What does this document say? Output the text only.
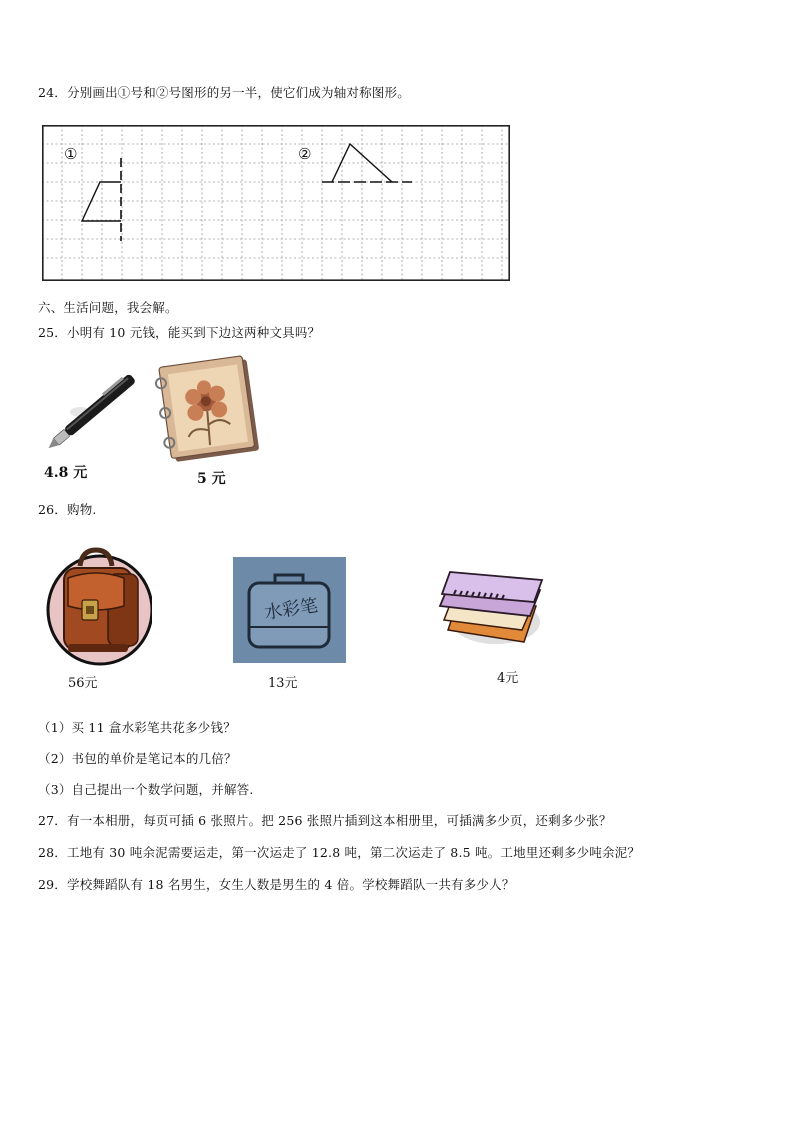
24．分别画出①号和②号图形的另一半，使它们成为轴对称图形。
①	②
六、生活问题，我会解。
25．小明有 10 元钱，能买到下边这两种文具吗？
4.8 元	5 元
26．购物.
56元
水彩笔
13元	4元
（1）买 11 盒水彩笔共花多少钱？
（2）书包的单价是笔记本的几倍？
（3）自己提出一个数学问题，并解答.
27．有一本相册，每页可插 6 张照片。把 256 张照片插到这本相册里，可插满多少页，还剩多少张？
28．工地有 30 吨余泥需要运走，第一次运走了 12.8 吨，第二次运走了 8.5 吨。工地里还剩多少吨余泥？
29．学校舞蹈队有 18 名男生，女生人数是男生的 4 倍。学校舞蹈队一共有多少人？
